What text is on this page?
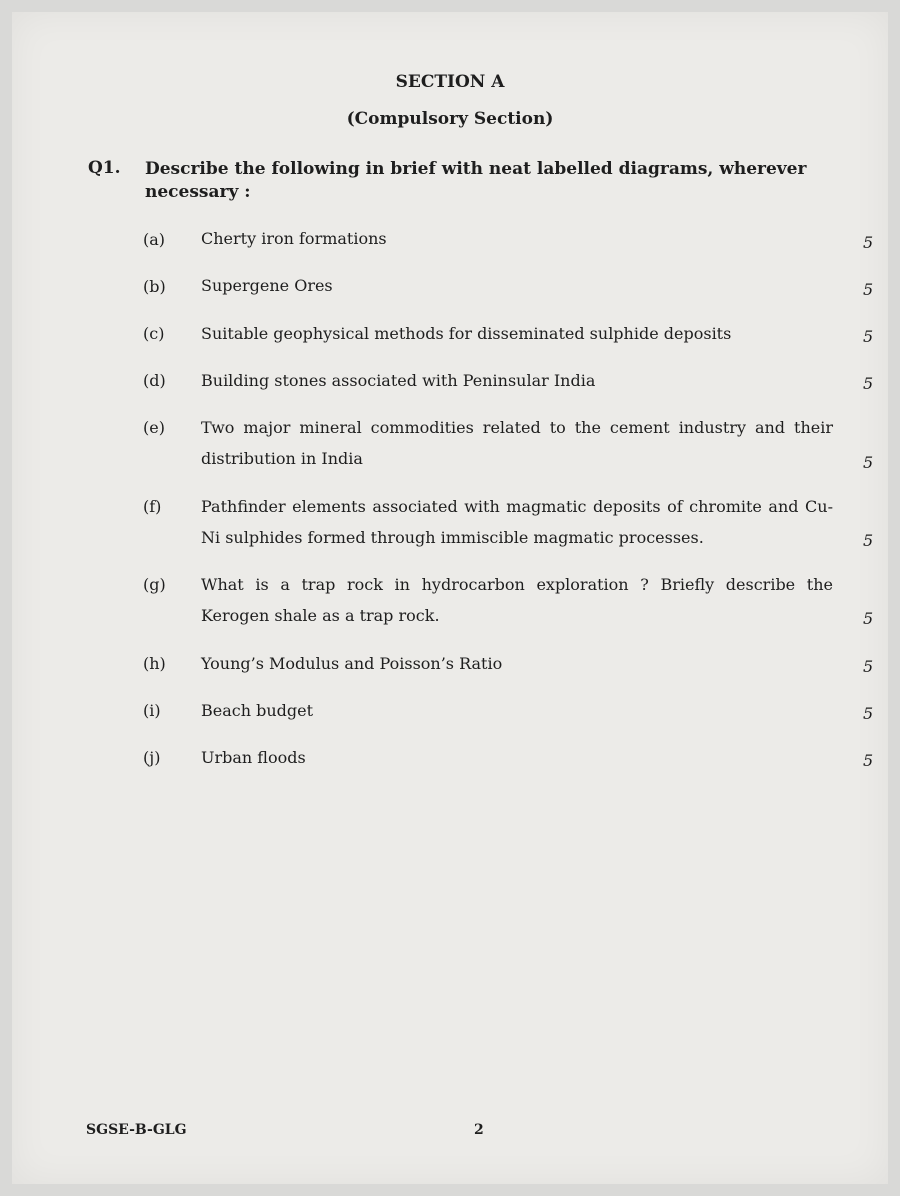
SECTION A
(Compulsory Section)
Q1. Describe the following in brief with neat labelled diagrams, wherever necessary :
(a) Cherty iron formations	5
(b) Supergene Ores	5
(c) Suitable geophysical methods for disseminated sulphide deposits	5
(d) Building stones associated with Peninsular India	5
(e) Two major mineral commodities related to the cement industry and their distribution in India	5
(f) Pathfinder elements associated with magmatic deposits of chromite and Cu-Ni sulphides formed through immiscible magmatic processes.	5
(g) What is a trap rock in hydrocarbon exploration ? Briefly describe the Kerogen shale as a trap rock.	5
(h) Young’s Modulus and Poisson’s Ratio	5
(i)	Beach budget	5
(j)	Urban floods	5
SGSE-B-GLG	2
